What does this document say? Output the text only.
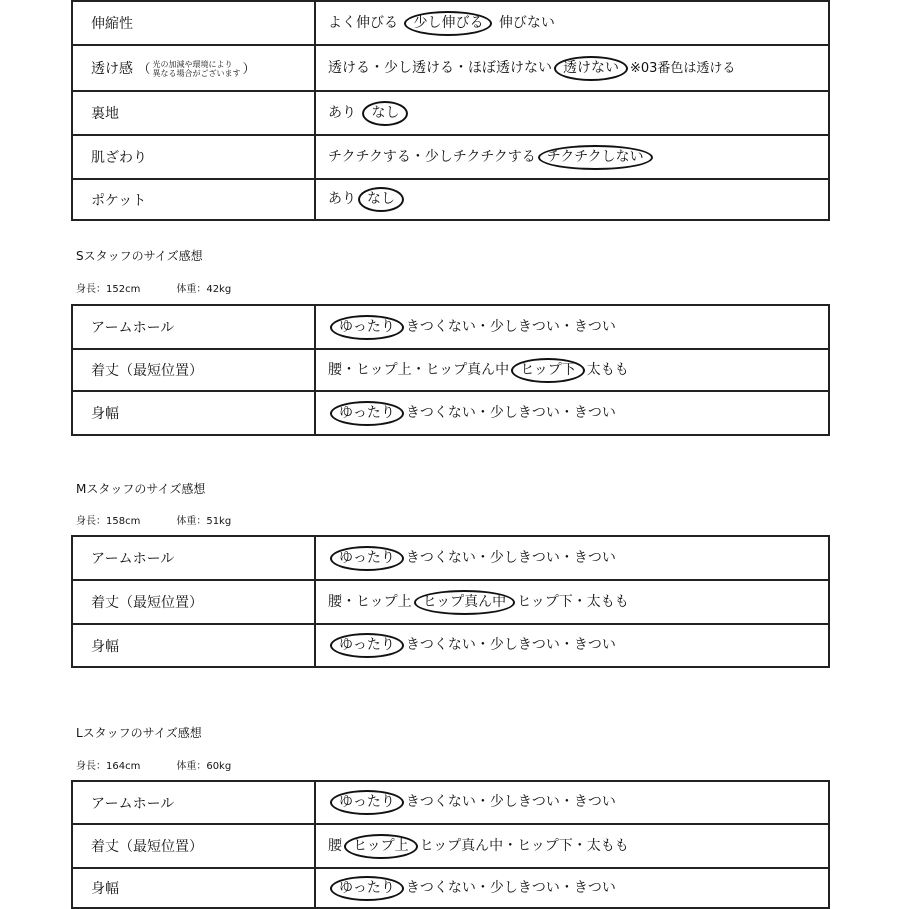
伸縮性	よく伸びる 少し伸びる 伸びない
透け感 （ 光の加減や環境により
異なる場合がございます ）	透ける・少し透ける・ほぼ透けない 透けない ※03番色は透ける
裏地	あり なし
肌ざわり	チクチクする・少しチクチクする チクチクしない
ポケット	あり なし
Sスタッフのサイズ感想
身長：152cm	体重：42kg
アームホール	ゆったり きつくない・少しきつい・きつい
着丈（最短位置）	腰・ヒップ上・ヒップ真ん中 ヒップ下 太もも
身幅	ゆったり きつくない・少しきつい・きつい
Mスタッフのサイズ感想
身長：158cm	体重：51kg
アームホール	ゆったり きつくない・少しきつい・きつい
着丈（最短位置）	腰・ヒップ上 ヒップ真ん中 ヒップ下・太もも
身幅	ゆったり きつくない・少しきつい・きつい
Lスタッフのサイズ感想
身長：164cm	体重：60kg
アームホール	ゆったり きつくない・少しきつい・きつい
着丈（最短位置）	腰 ヒップ上 ヒップ真ん中・ヒップ下・太もも
身幅	ゆったり きつくない・少しきつい・きつい
